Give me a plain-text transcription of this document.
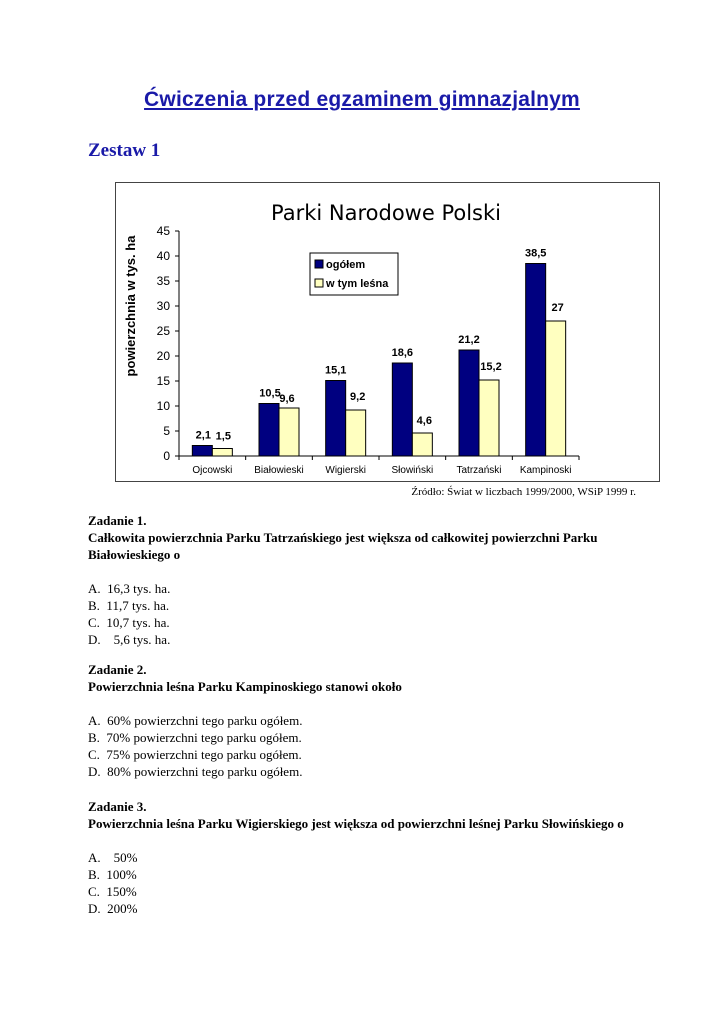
Ćwiczenia przed egzaminem gimnazjalnym
Zestaw 1
Parki Narodowe Polski
powierzchnia w tys. ha	ogółem
w tym leśna
0
5
10
15
20
25
30
35
40
45
Ojcowski
2,1 1,5
Białowieski
10,5
9,6
Wigierski
15,1
9,2
Słowiński
18,6
4,6
Tatrzański
21,2
15,2
Kampinoski
38,5
27
Źródło: Świat w liczbach 1999/2000, WSiP 1999 r.
Zadanie 1.
Całkowita powierzchnia Parku Tatrzańskiego jest większa od całkowitej powierzchni Parku Białowieskiego o
A.  16,3 tys. ha.
B.  11,7 tys. ha.
C.  10,7 tys. ha.
D.    5,6 tys. ha.
Zadanie 2.
Powierzchnia leśna Parku Kampinoskiego stanowi około
A.  60% powierzchni tego parku ogółem.
B.  70% powierzchni tego parku ogółem.
C.  75% powierzchni tego parku ogółem.
D.  80% powierzchni tego parku ogółem.
Zadanie 3.
Powierzchnia leśna Parku Wigierskiego jest większa od powierzchni leśnej Parku Słowińskiego o
A.    50%
B.  100%
C.  150%
D.  200%
